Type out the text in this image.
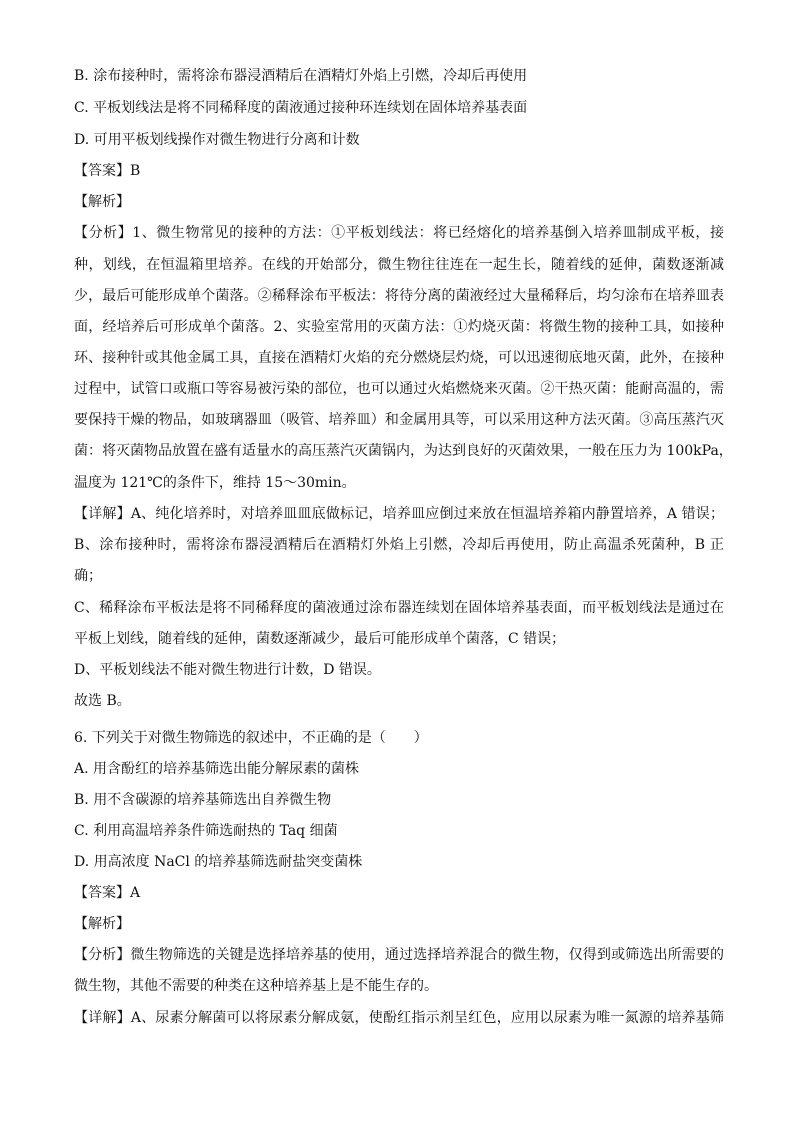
B. 涂布接种时，需将涂布器浸酒精后在酒精灯外焰上引燃，冷却后再使用
C. 平板划线法是将不同稀释度的菌液通过接种环连续划在固体培养基表面
D. 可用平板划线操作对微生物进行分离和计数
【答案】B
【解析】
【分析】1、微生物常见的接种的方法：①平板划线法：将已经熔化的培养基倒入培养皿制成平板，接
种，划线，在恒温箱里培养。在线的开始部分，微生物往往连在一起生长，随着线的延伸，菌数逐渐减
少，最后可能形成单个菌落。②稀释涂布平板法：将待分离的菌液经过大量稀释后，均匀涂布在培养皿表
面，经培养后可形成单个菌落。2、实验室常用的灭菌方法：①灼烧灭菌：将微生物的接种工具，如接种
环、接种针或其他金属工具，直接在酒精灯火焰的充分燃烧层灼烧，可以迅速彻底地灭菌，此外，在接种
过程中，试管口或瓶口等容易被污染的部位，也可以通过火焰燃烧来灭菌。②干热灭菌：能耐高温的，需
要保持干燥的物品，如玻璃器皿（吸管、培养皿）和金属用具等，可以采用这种方法灭菌。③高压蒸汽灭
菌：将灭菌物品放置在盛有适量水的高压蒸汽灭菌锅内，为达到良好的灭菌效果，一般在压力为 100kPa，
温度为 121℃的条件下，维持 15～30min。
【详解】A、纯化培养时，对培养皿皿底做标记，培养皿应倒过来放在恒温培养箱内静置培养，A 错误；
B、涂布接种时，需将涂布器浸酒精后在酒精灯外焰上引燃，冷却后再使用，防止高温杀死菌种，B 正
确；
C、稀释涂布平板法是将不同稀释度的菌液通过涂布器连续划在固体培养基表面，而平板划线法是通过在
平板上划线，随着线的延伸，菌数逐渐减少，最后可能形成单个菌落，C 错误；
D、平板划线法不能对微生物进行计数，D 错误。
故选 B。
6. 下列关于对微生物筛选的叙述中，不正确的是（　　）
A. 用含酚红的培养基筛选出能分解尿素的菌株
B. 用不含碳源的培养基筛选出自养微生物
C. 利用高温培养条件筛选耐热的 Taq 细菌
D. 用高浓度 NaCl 的培养基筛选耐盐突变菌株
【答案】A
【解析】
【分析】微生物筛选的关键是选择培养基的使用，通过选择培养混合的微生物，仅得到或筛选出所需要的
微生物，其他不需要的种类在这种培养基上是不能生存的。
【详解】A、尿素分解菌可以将尿素分解成氨，使酚红指示剂呈红色，应用以尿素为唯一氮源的培养基筛
